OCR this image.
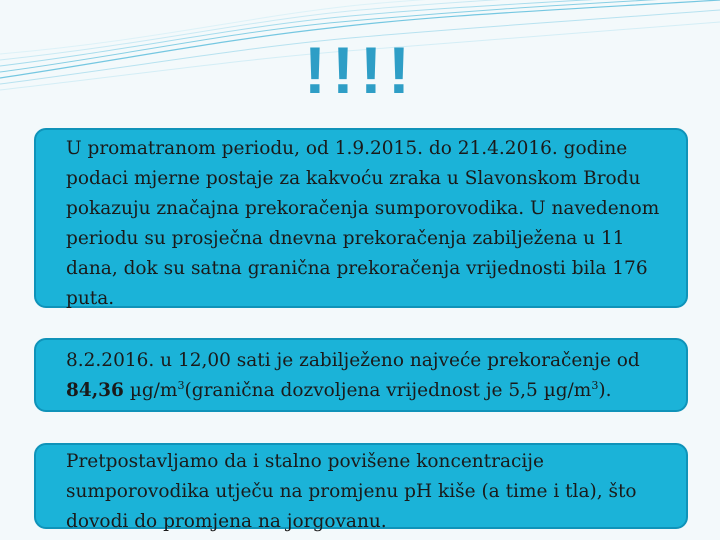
!!!!

U promatranom periodu, od 1.9.2015. do 21.4.2016. godine podaci mjerne postaje za kakvoću zraka u Slavonskom Brodu pokazuju značajna prekoračenja sumporovodika. U navedenom periodu su prosječna dnevna prekoračenja zabilježena u 11 dana, dok su satna granična prekoračenja vrijednosti bila 176 puta.

8.2.2016. u 12,00 sati je zabilježeno najveće prekoračenje od 84,36 $\mu g/m^3(granična$ dozvoljena vrijednost je 5,5 $\mu g/m^3$).

Pretpostavljamo da i stalno povišene koncentracije sumporovodika utječu na promjenu pH kiše (a time i tla), što dovodi do promjena na jorgovanu.
